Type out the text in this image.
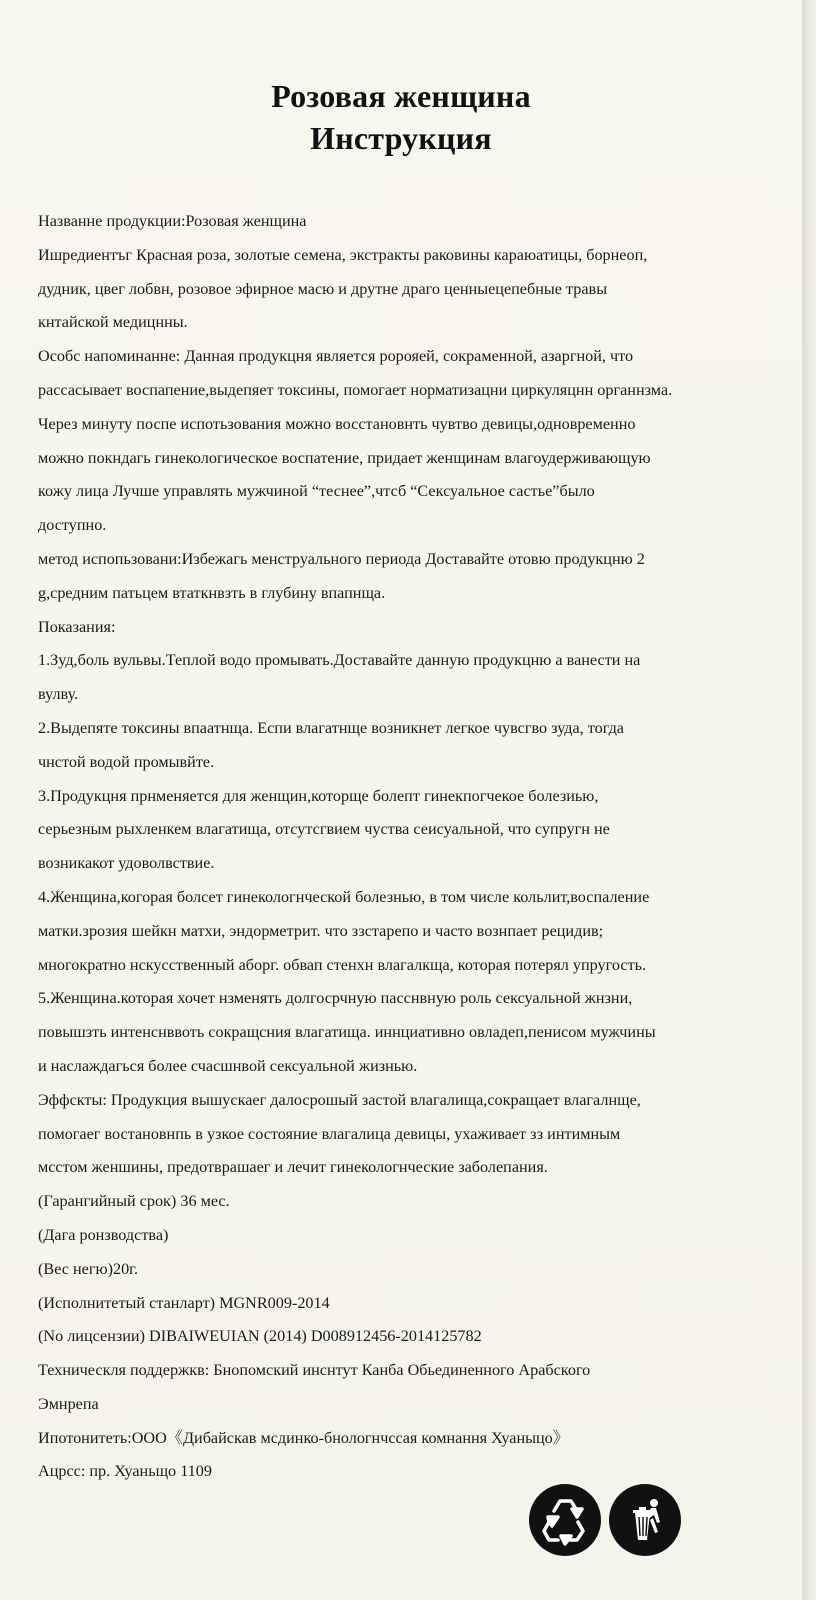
Розовая женщина
Инструкция
Названне продукции:Розовая женщина
Ишредиентъг Красная роза, золотые семена, экстракты раковины караюатицы, борнеоп,
дудник, цвег лобвн, розовое эфирное масю и друтне драго ценныецепебные травы
кнтайской медицнны.
Особс напоминанне: Данная продукцня является ророяей, сокраменной, азаргной, что
рассасывает воспапение,выдепяет токсины, помогает норматизацни циркуляцнн органнзма.
Через минуту поспе испотьзования можно восстановнть чувтво девицы,одновременно
можно покндагь гинекологическое воспатение, придает женщинам влагоудерживающую
кожу лица Лучше управлять мужчиной “теснее”,чтсб “Сексуальное састье”было
доступно.
метод испопьзовани:Избежагь менструального периода Доставайте отовю продукцню 2
g,средним патьцем втаткнвзть в глубину впапнща.
Показания:
1.Зуд,боль вульвы.Теплой водо промывать.Доставайте данную продукцню а ванести на
вулву.
2.Выдепяте токсины впаатнща. Еспи влагатнще возникнет легкое чувсгво зуда, тогда
чнстой водой промывйте.
3.Продукцня прнменяется для женщин,которще болепт гинекпогчекое болезиью,
серьезным рыхленкем влагатища, отсутсгвием чуства сеисуальной, что супругн не
возникакот удоволвствие.
4.Женщина,когорая болсет гинекологнческой болезнью, в том числе кольлит,воспаление
матки.зрозия шейкн матхи, эндорметрит. что ззстарепо и часто вознпает рецидив;
многократно нскусственный аборг. обвап стенхн влагалкща, которая потерял упругость.
5.Женщина.которая хочет нзменять долгосрчную пасснвную роль сексуальной жнзни,
повышзть интенснввоть сокращсния влагатища. иннциативно овладеп,пенисом мужчины
и наслаждагься более счасшнвой сексуальной жизнью.
Эффскты: Продукция вышускаег далосрошый застой влагалища,сокращает влагалнще,
помогаег востановнпь в узкое состояние влагалица девицы, ухаживает зз интимным
мсстом женшины, предотврашаег и лечит гинекологнческие заболепания.
(Гарангийный срок) 36 мес.
(Дага ронзводства)
(Вес негю)20г.
(Исполнитетый станларт) MGNR009-2014
(No лицсензии) DIBAIWEUIAN (2014) D008912456-2014125782
Техническля поддержкв: Бнопомский инснтут Канба Обьединенного Арабского
Эмнрепа
Ипотонитеть:ООО《Дибайскав мсдинко-бнологнчсcая комнання Хуаныцо》
Ацрсс: пр. Хуаньщо 1109
